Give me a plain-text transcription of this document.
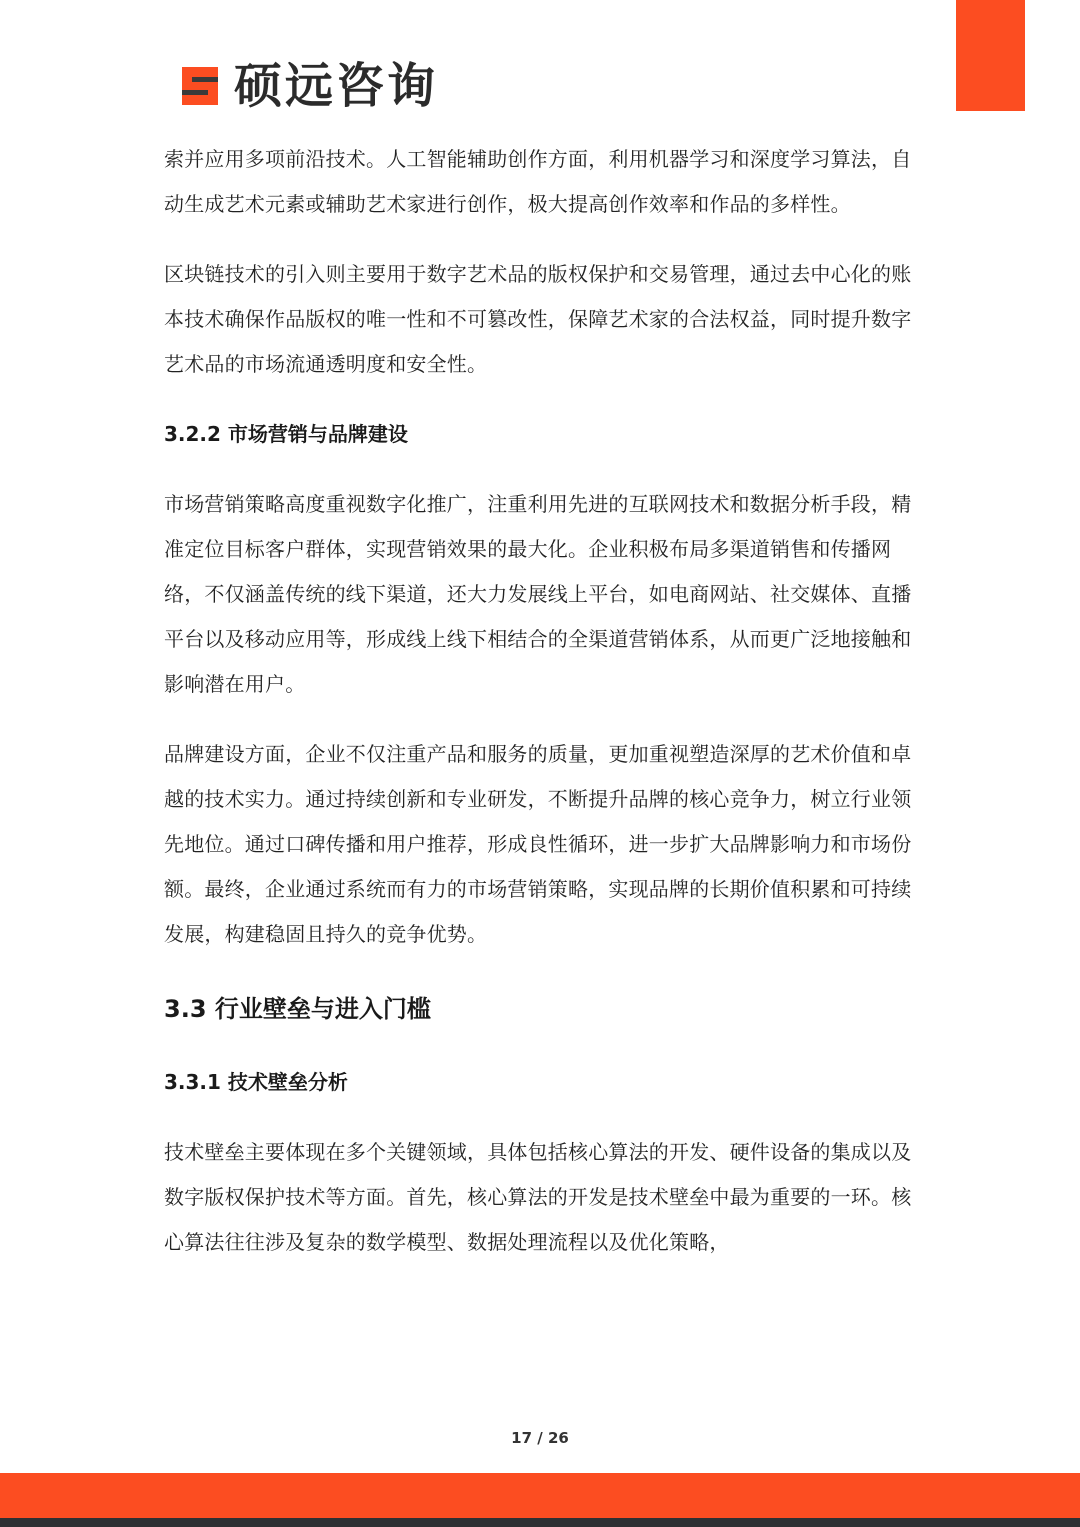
硕远咨询

索并应用多项前沿技术。人工智能辅助创作方面，利用机器学习和深度学习算法，自动生成艺术元素或辅助艺术家进行创作，极大提高创作效率和作品的多样性。

区块链技术的引入则主要用于数字艺术品的版权保护和交易管理，通过去中心化的账本技术确保作品版权的唯一性和不可篡改性，保障艺术家的合法权益，同时提升数字艺术品的市场流通透明度和安全性。

3.2.2 市场营销与品牌建设

市场营销策略高度重视数字化推广，注重利用先进的互联网技术和数据分析手段，精准定位目标客户群体，实现营销效果的最大化。企业积极布局多渠道销售和传播网络，不仅涵盖传统的线下渠道，还大力发展线上平台，如电商网站、社交媒体、直播平台以及移动应用等，形成线上线下相结合的全渠道营销体系，从而更广泛地接触和影响潜在用户。

品牌建设方面，企业不仅注重产品和服务的质量，更加重视塑造深厚的艺术价值和卓越的技术实力。通过持续创新和专业研发，不断提升品牌的核心竞争力，树立行业领先地位。通过口碑传播和用户推荐，形成良性循环，进一步扩大品牌影响力和市场份额。最终，企业通过系统而有力的市场营销策略，实现品牌的长期价值积累和可持续发展，构建稳固且持久的竞争优势。

3.3 行业壁垒与进入门槛
3.3.1 技术壁垒分析

技术壁垒主要体现在多个关键领域，具体包括核心算法的开发、硬件设备的集成以及数字版权保护技术等方面。首先，核心算法的开发是技术壁垒中最为重要的一环。核心算法往往涉及复杂的数学模型、数据处理流程以及优化策略，

17 / 26
